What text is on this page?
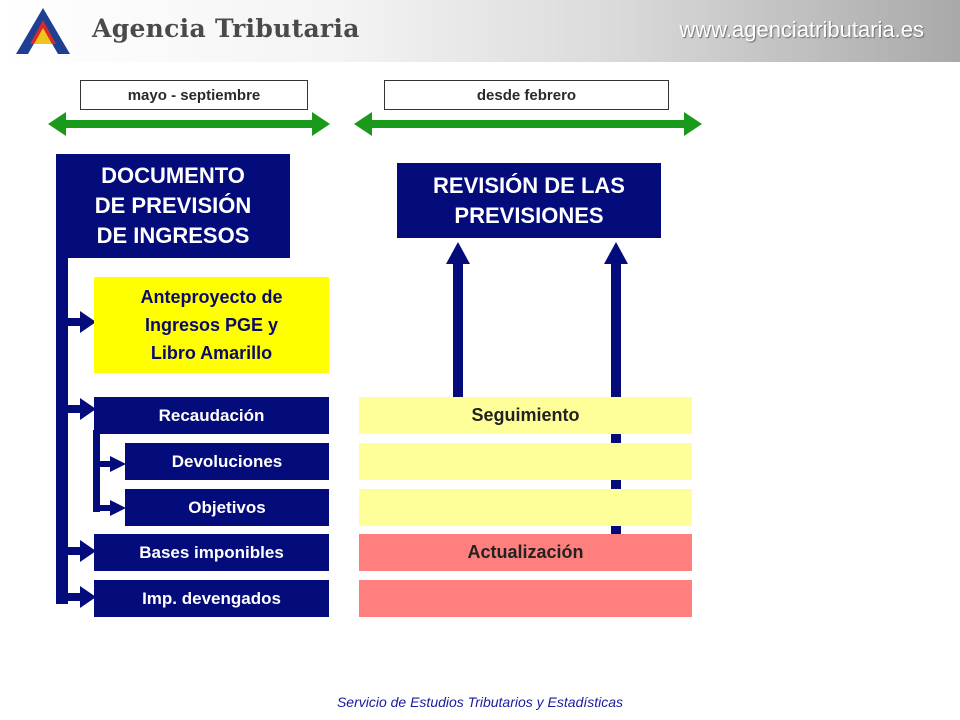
Agencia Tributaria	www.agenciatributaria.es
mayo - septiembre	desde febrero
DOCUMENTO
DE PREVISIÓN
DE INGRESOS
REVISIÓN DE LAS
PREVISIONES
Anteproyecto de
Ingresos PGE y
Libro Amarillo
Recaudación
Devoluciones
Objetivos
Bases imponibles
Imp. devengados
Seguimiento
Actualización
Servicio de Estudios Tributarios y Estadísticas
